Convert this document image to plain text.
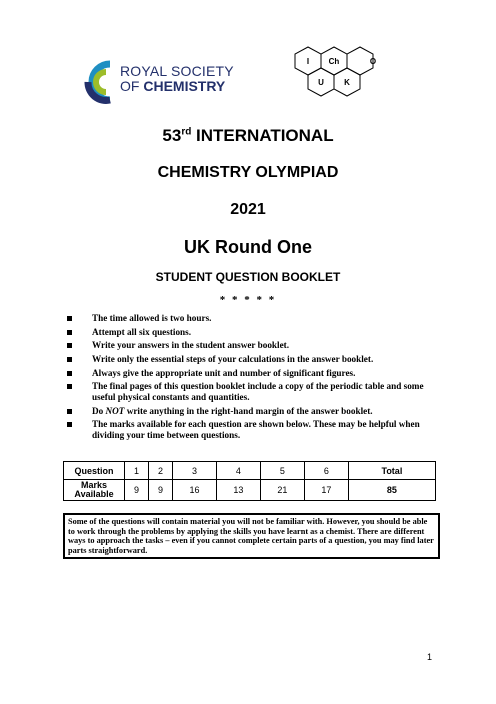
ROYAL SOCIETY
OF CHEMISTRY
I Ch	O
U	K
53rd INTERNATIONAL
CHEMISTRY OLYMPIAD
2021
UK Round One
STUDENT QUESTION BOOKLET
* * * * *
The time allowed is two hours.
Attempt all six questions.
Write your answers in the student answer booklet.
Write only the essential steps of your calculations in the answer booklet.
Always give the appropriate unit and number of significant figures.
The final pages of this question booklet include a copy of the periodic table and some useful physical constants and quantities.
Do NOT write anything in the right-hand margin of the answer booklet.
The marks available for each question are shown below. These may be helpful when dividing your time between questions.
Question	1	2	3	4	5	6	Total
Marks
Available	9	9	16	13	21	17	85
Some of the questions will contain material you will not be familiar with. However, you should be able to work through the problems by applying the skills you have learnt as a chemist. There are different ways to approach the tasks – even if you cannot complete certain parts of a question, you may find later parts straightforward.
1
